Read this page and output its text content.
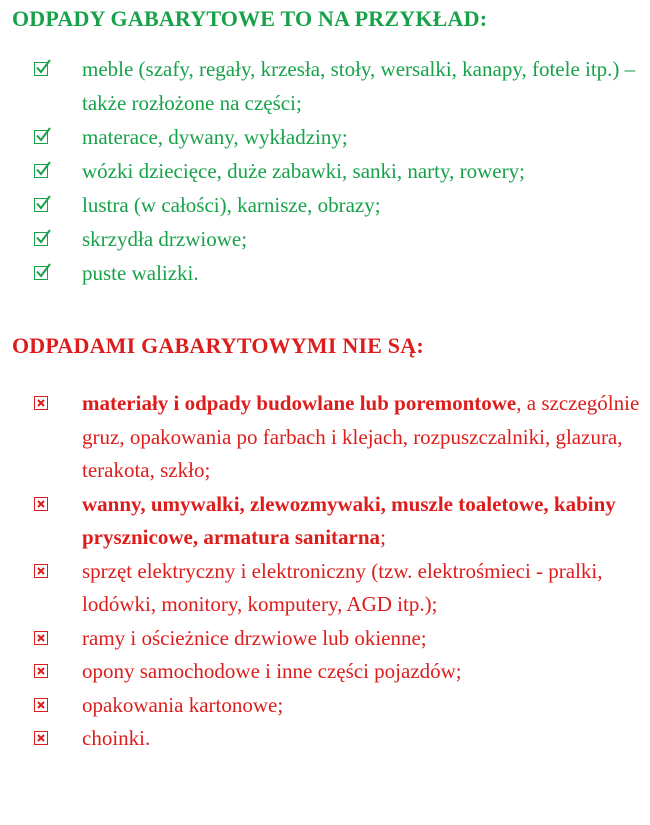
ODPADY GABARYTOWE TO NA PRZYKŁAD:
meble (szafy, regały, krzesła, stoły, wersalki, kanapy, fotele itp.) – także rozłożone na części;
materace, dywany, wykładziny;
wózki dziecięce, duże zabawki, sanki, narty, rowery;
lustra (w całości), karnisze, obrazy;
skrzydła drzwiowe;
puste walizki.
ODPADAMI GABARYTOWYMI NIE SĄ:
materiały i odpady budowlane lub poremontowe, a szczególnie gruz, opakowania po farbach i klejach, rozpuszczalniki, glazura, terakota, szkło;
wanny, umywalki, zlewozmywaki, muszle toaletowe, kabiny prysznicowe, armatura sanitarna;
sprzęt elektryczny i elektroniczny (tzw. elektrośmieci - pralki, lodówki, monitory, komputery, AGD itp.);
ramy i ościeżnice drzwiowe lub okienne;
opony samochodowe i inne części pojazdów;
opakowania kartonowe;
choinki.
